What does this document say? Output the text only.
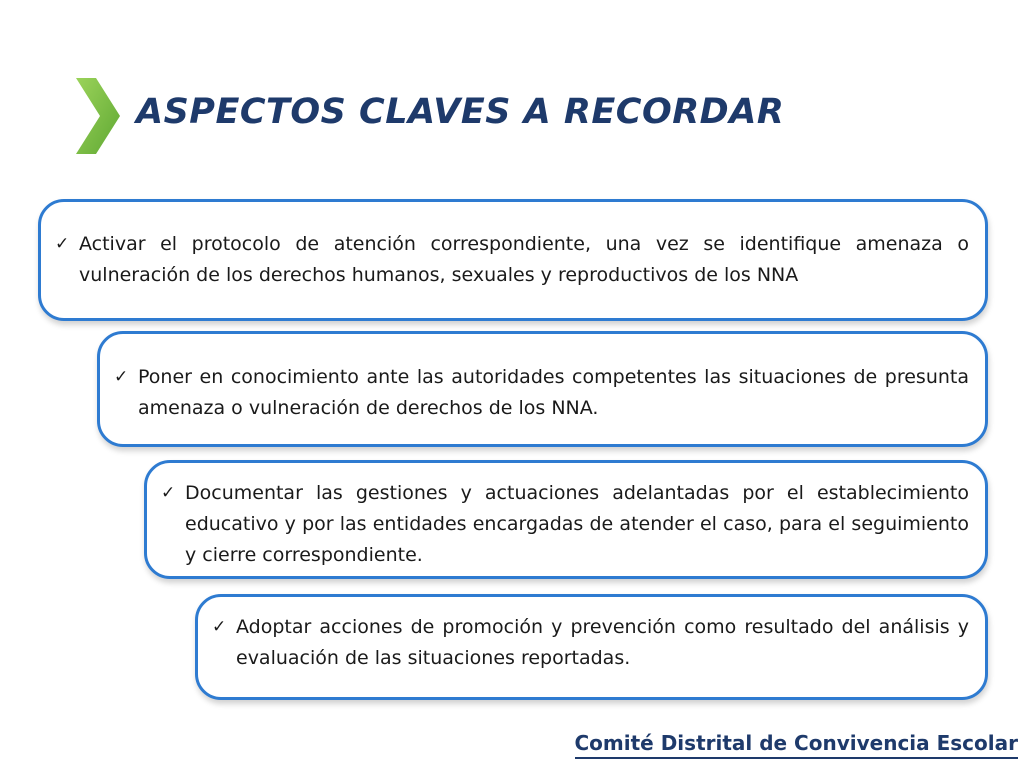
ASPECTOS CLAVES A RECORDAR
✓ Activar el protocolo de atención correspondiente, una vez se identifique amenaza o vulneración de los derechos humanos, sexuales y reproductivos de los NNA
✓ Poner en conocimiento ante las autoridades competentes las situaciones de presunta amenaza o vulneración de derechos de los NNA.
✓ Documentar las gestiones y actuaciones adelantadas por el establecimiento educativo y por las entidades encargadas de atender el caso, para el seguimiento y cierre correspondiente.
✓ Adoptar acciones de promoción y prevención como resultado del análisis y evaluación de las situaciones reportadas.
Comité Distrital de Convivencia Escolar
